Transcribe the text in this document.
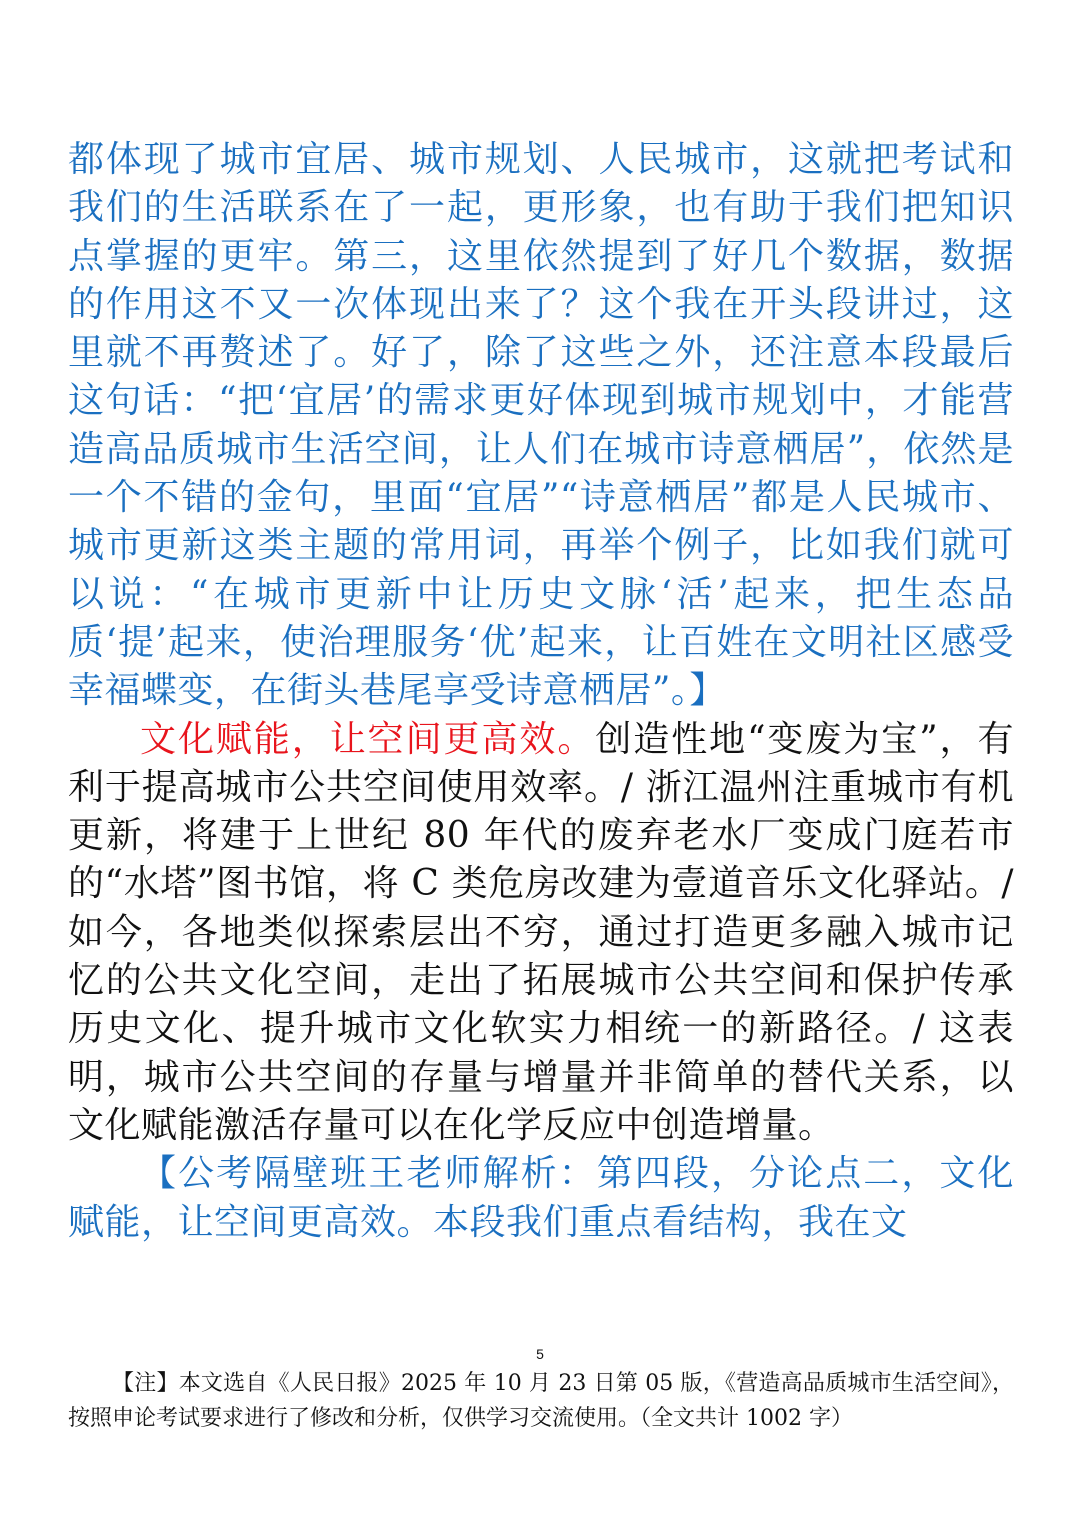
都体现了城市宜居、城市规划、人民城市，这就把考试和我们的生活联系在了一起，更形象，也有助于我们把知识点掌握的更牢。第三，这里依然提到了好几个数据，数据的作用这不又一次体现出来了？这个我在开头段讲过，这里就不再赘述了。好了，除了这些之外，还注意本段最后这句话：“把‘宜居’的需求更好体现到城市规划中，才能营造高品质城市生活空间，让人们在城市诗意栖居”，依然是一个不错的金句，里面“宜居”“诗意栖居”都是人民城市、城市更新这类主题的常用词，再举个例子，比如我们就可以说：“在城市更新中让历史文脉‘活’起来，把生态品质‘提’起来，使治理服务‘优’起来，让百姓在文明社区感受幸福蝶变，在街头巷尾享受诗意栖居”。】

文化赋能，让空间更高效。创造性地“变废为宝”，有利于提高城市公共空间使用效率。/ 浙江温州注重城市有机更新，将建于上世纪 80 年代的废弃老水厂变成门庭若市的“水塔”图书馆，将 C 类危房改建为壹道音乐文化驿站。/ 如今，各地类似探索层出不穷，通过打造更多融入城市记忆的公共文化空间，走出了拓展城市公共空间和保护传承历史文化、提升城市文化软实力相统一的新路径。/ 这表明，城市公共空间的存量与增量并非简单的替代关系，以文化赋能激活存量可以在化学反应中创造增量。

【公考隔壁班王老师解析：第四段，分论点二，文化赋能，让空间更高效。本段我们重点看结构，我在文

5
【注】本文选自《人民日报》2025 年 10 月 23 日第 05 版，《营造高品质城市生活空间》，按照申论考试要求进行了修改和分析，仅供学习交流使用。（全文共计 1002 字）
